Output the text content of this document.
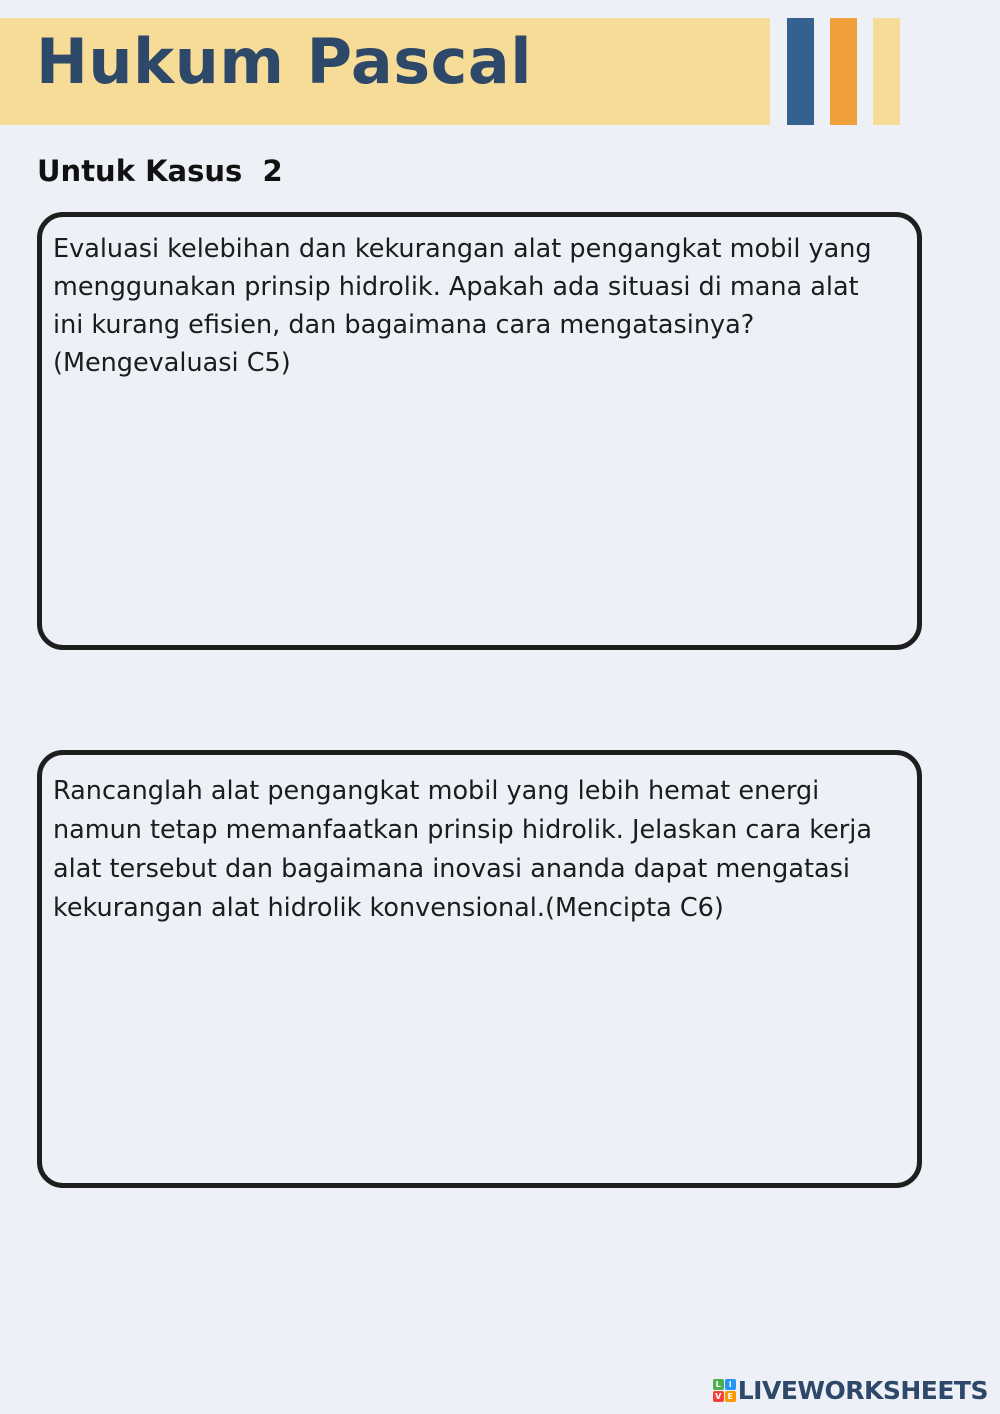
Hukum Pascal
Untuk Kasus  2

Evaluasi kelebihan dan kekurangan alat pengangkat mobil yang
menggunakan prinsip hidrolik. Apakah ada situasi di mana alat
ini kurang efisien, dan bagaimana cara mengatasinya?
(Mengevaluasi C5)

Rancanglah alat pengangkat mobil yang lebih hemat energi
namun tetap memanfaatkan prinsip hidrolik. Jelaskan cara kerja
alat tersebut dan bagaimana inovasi ananda dapat mengatasi
kekurangan alat hidrolik konvensional.(Mencipta C6)

L I
V E LIVEWORKSHEETS
